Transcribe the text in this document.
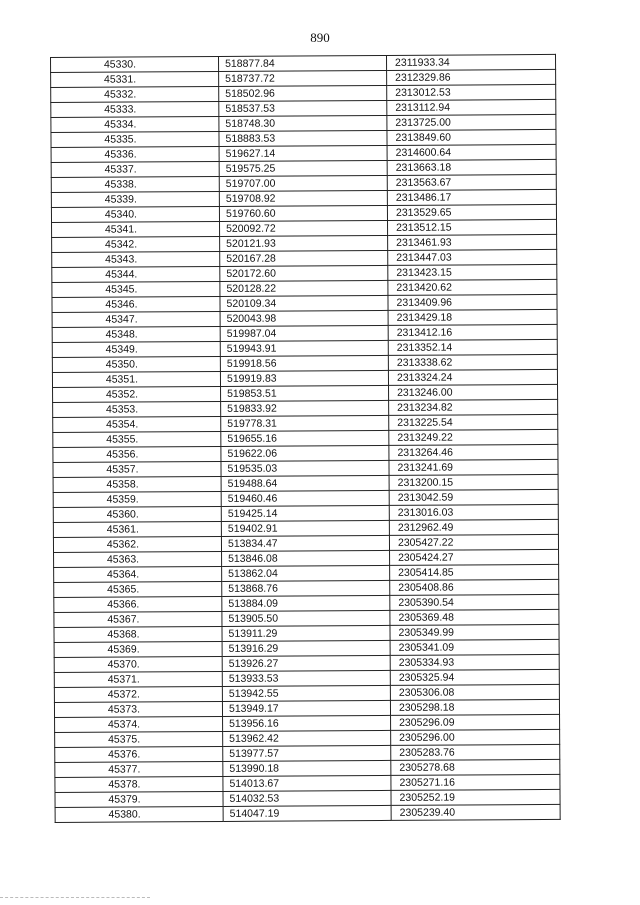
890
45330.	518877.84	2311933.34
45331.	518737.72	2312329.86
45332.	518502.96	2313012.53
45333.	518537.53	2313112.94
45334.	518748.30	2313725.00
45335.	518883.53	2313849.60
45336.	519627.14	2314600.64
45337.	519575.25	2313663.18
45338.	519707.00	2313563.67
45339.	519708.92	2313486.17
45340.	519760.60	2313529.65
45341.	520092.72	2313512.15
45342.	520121.93	2313461.93
45343.	520167.28	2313447.03
45344.	520172.60	2313423.15
45345.	520128.22	2313420.62
45346.	520109.34	2313409.96
45347.	520043.98	2313429.18
45348.	519987.04	2313412.16
45349.	519943.91	2313352.14
45350.	519918.56	2313338.62
45351.	519919.83	2313324.24
45352.	519853.51	2313246.00
45353.	519833.92	2313234.82
45354.	519778.31	2313225.54
45355.	519655.16	2313249.22
45356.	519622.06	2313264.46
45357.	519535.03	2313241.69
45358.	519488.64	2313200.15
45359.	519460.46	2313042.59
45360.	519425.14	2313016.03
45361.	519402.91	2312962.49
45362.	513834.47	2305427.22
45363.	513846.08	2305424.27
45364.	513862.04	2305414.85
45365.	513868.76	2305408.86
45366.	513884.09	2305390.54
45367.	513905.50	2305369.48
45368.	513911.29	2305349.99
45369.	513916.29	2305341.09
45370.	513926.27	2305334.93
45371.	513933.53	2305325.94
45372.	513942.55	2305306.08
45373.	513949.17	2305298.18
45374.	513956.16	2305296.09
45375.	513962.42	2305296.00
45376.	513977.57	2305283.76
45377.	513990.18	2305278.68
45378.	514013.67	2305271.16
45379.	514032.53	2305252.19
45380.	514047.19	2305239.40
